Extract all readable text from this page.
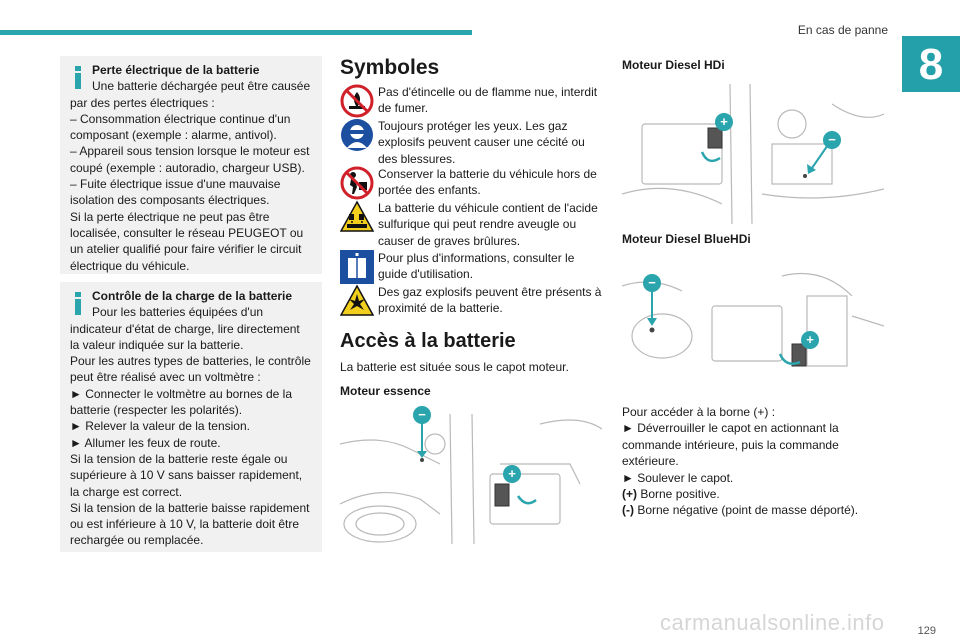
En cas de panne
8

Perte électrique de la batterie

Une batterie déchargée peut être causée par des pertes électriques :

– Consommation électrique continue d'un composant (exemple : alarme, antivol).

– Appareil sous tension lorsque le moteur est coupé (exemple : autoradio, chargeur USB).

– Fuite électrique issue d'une mauvaise isolation des composants électriques.

Si la perte électrique ne peut pas être localisée, consulter le réseau PEUGEOT ou un atelier qualifié pour faire vérifier le circuit électrique du véhicule.

Contrôle de la charge de la batterie

Pour les batteries équipées d'un indicateur d'état de charge, lire directement la valeur indiquée sur la batterie.

Pour les autres types de batteries, le contrôle peut être réalisé avec un voltmètre :

► Connecter le voltmètre au bornes de la batterie (respecter les polarités).

► Relever la valeur de la tension.

► Allumer les feux de route.

Si la tension de la batterie reste égale ou supérieure à 10 V sans baisser rapidement, la charge est correct.

Si la tension de la batterie baisse rapidement ou est inférieure à 10 V, la batterie doit être rechargée ou remplacée.

Symboles
Pas d'étincelle ou de flamme nue, interdit de fumer.
Toujours protéger les yeux. Les gaz explosifs peuvent causer une cécité ou des blessures.
Conserver la batterie du véhicule hors de portée des enfants.
La batterie du véhicule contient de l'acide sulfurique qui peut rendre aveugle ou causer de graves brûlures.
Pour plus d'informations, consulter le guide d'utilisation.
Des gaz explosifs peuvent être présents à proximité de la batterie.
Accès à la batterie
La batterie est située sous le capot moteur.
Moteur essence
−
+
Moteur Diesel HDi
+
−
Moteur Diesel BlueHDi
−
+
Pour accéder à la borne (+) :
► Déverrouiller le capot en actionnant la commande intérieure, puis la commande extérieure.
► Soulever le capot.
(+) Borne positive.
(-) Borne négative (point de masse déporté).
carmanualsonline.info	129
